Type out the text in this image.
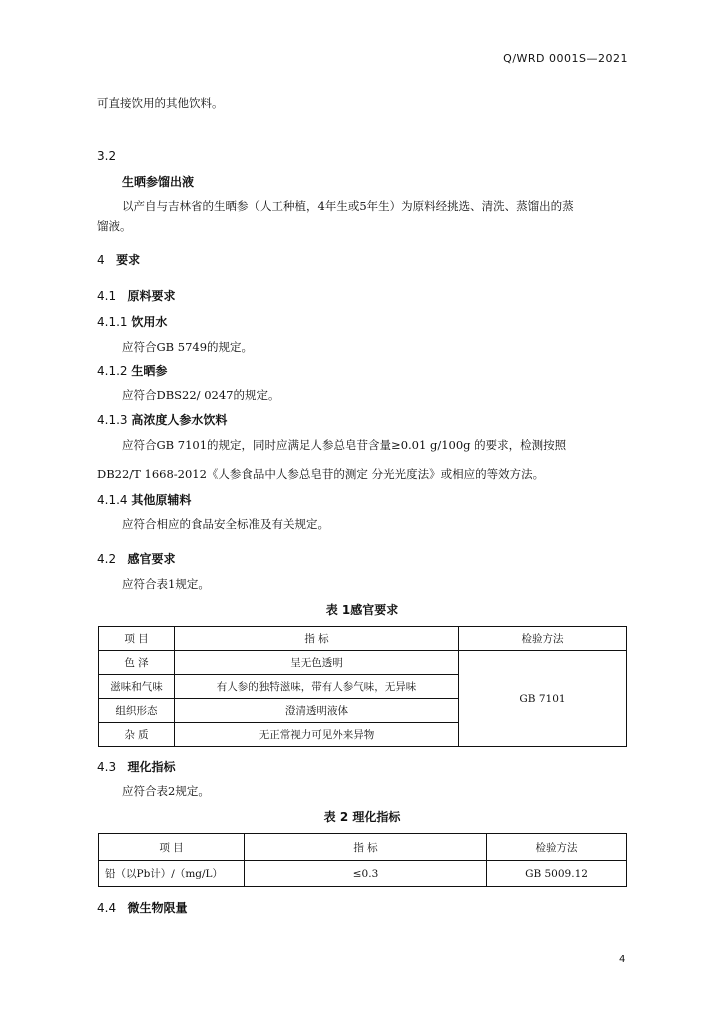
Q/WRD 0001S—2021
可直接饮用的其他饮料。
3.2
生晒参馏出液
以产自与吉林省的生晒参（人工种植，4年生或5年生）为原料经挑选、清洗、蒸馏出的蒸
馏液。
4 要求
4.1 原料要求
4.1.1 饮用水
应符合GB 5749的规定。
4.1.2 生晒参
应符合DBS22/ 0247的规定。
4.1.3 高浓度人参水饮料
应符合GB 7101的规定，同时应满足人参总皂苷含量≥0.01 g/100g 的要求，检测按照
DB22/T 1668-2012《人参食品中人参总皂苷的测定 分光光度法》或相应的等效方法。
4.1.4 其他原辅料
应符合相应的食品安全标准及有关规定。
4.2 感官要求
应符合表1规定。
表 1感官要求
项 目	指 标	检验方法
色 泽	呈无色透明	GB 7101
滋味和气味	有人参的独特滋味，带有人参气味，无异味	
组织形态	澄清透明液体	
杂 质	无正常视力可见外来异物	
4.3 理化指标
应符合表2规定。
表 2 理化指标
项 目	指 标	检验方法
铅（以Pb计）/（mg/L）	≤0.3	GB 5009.12
4.4 微生物限量
4
